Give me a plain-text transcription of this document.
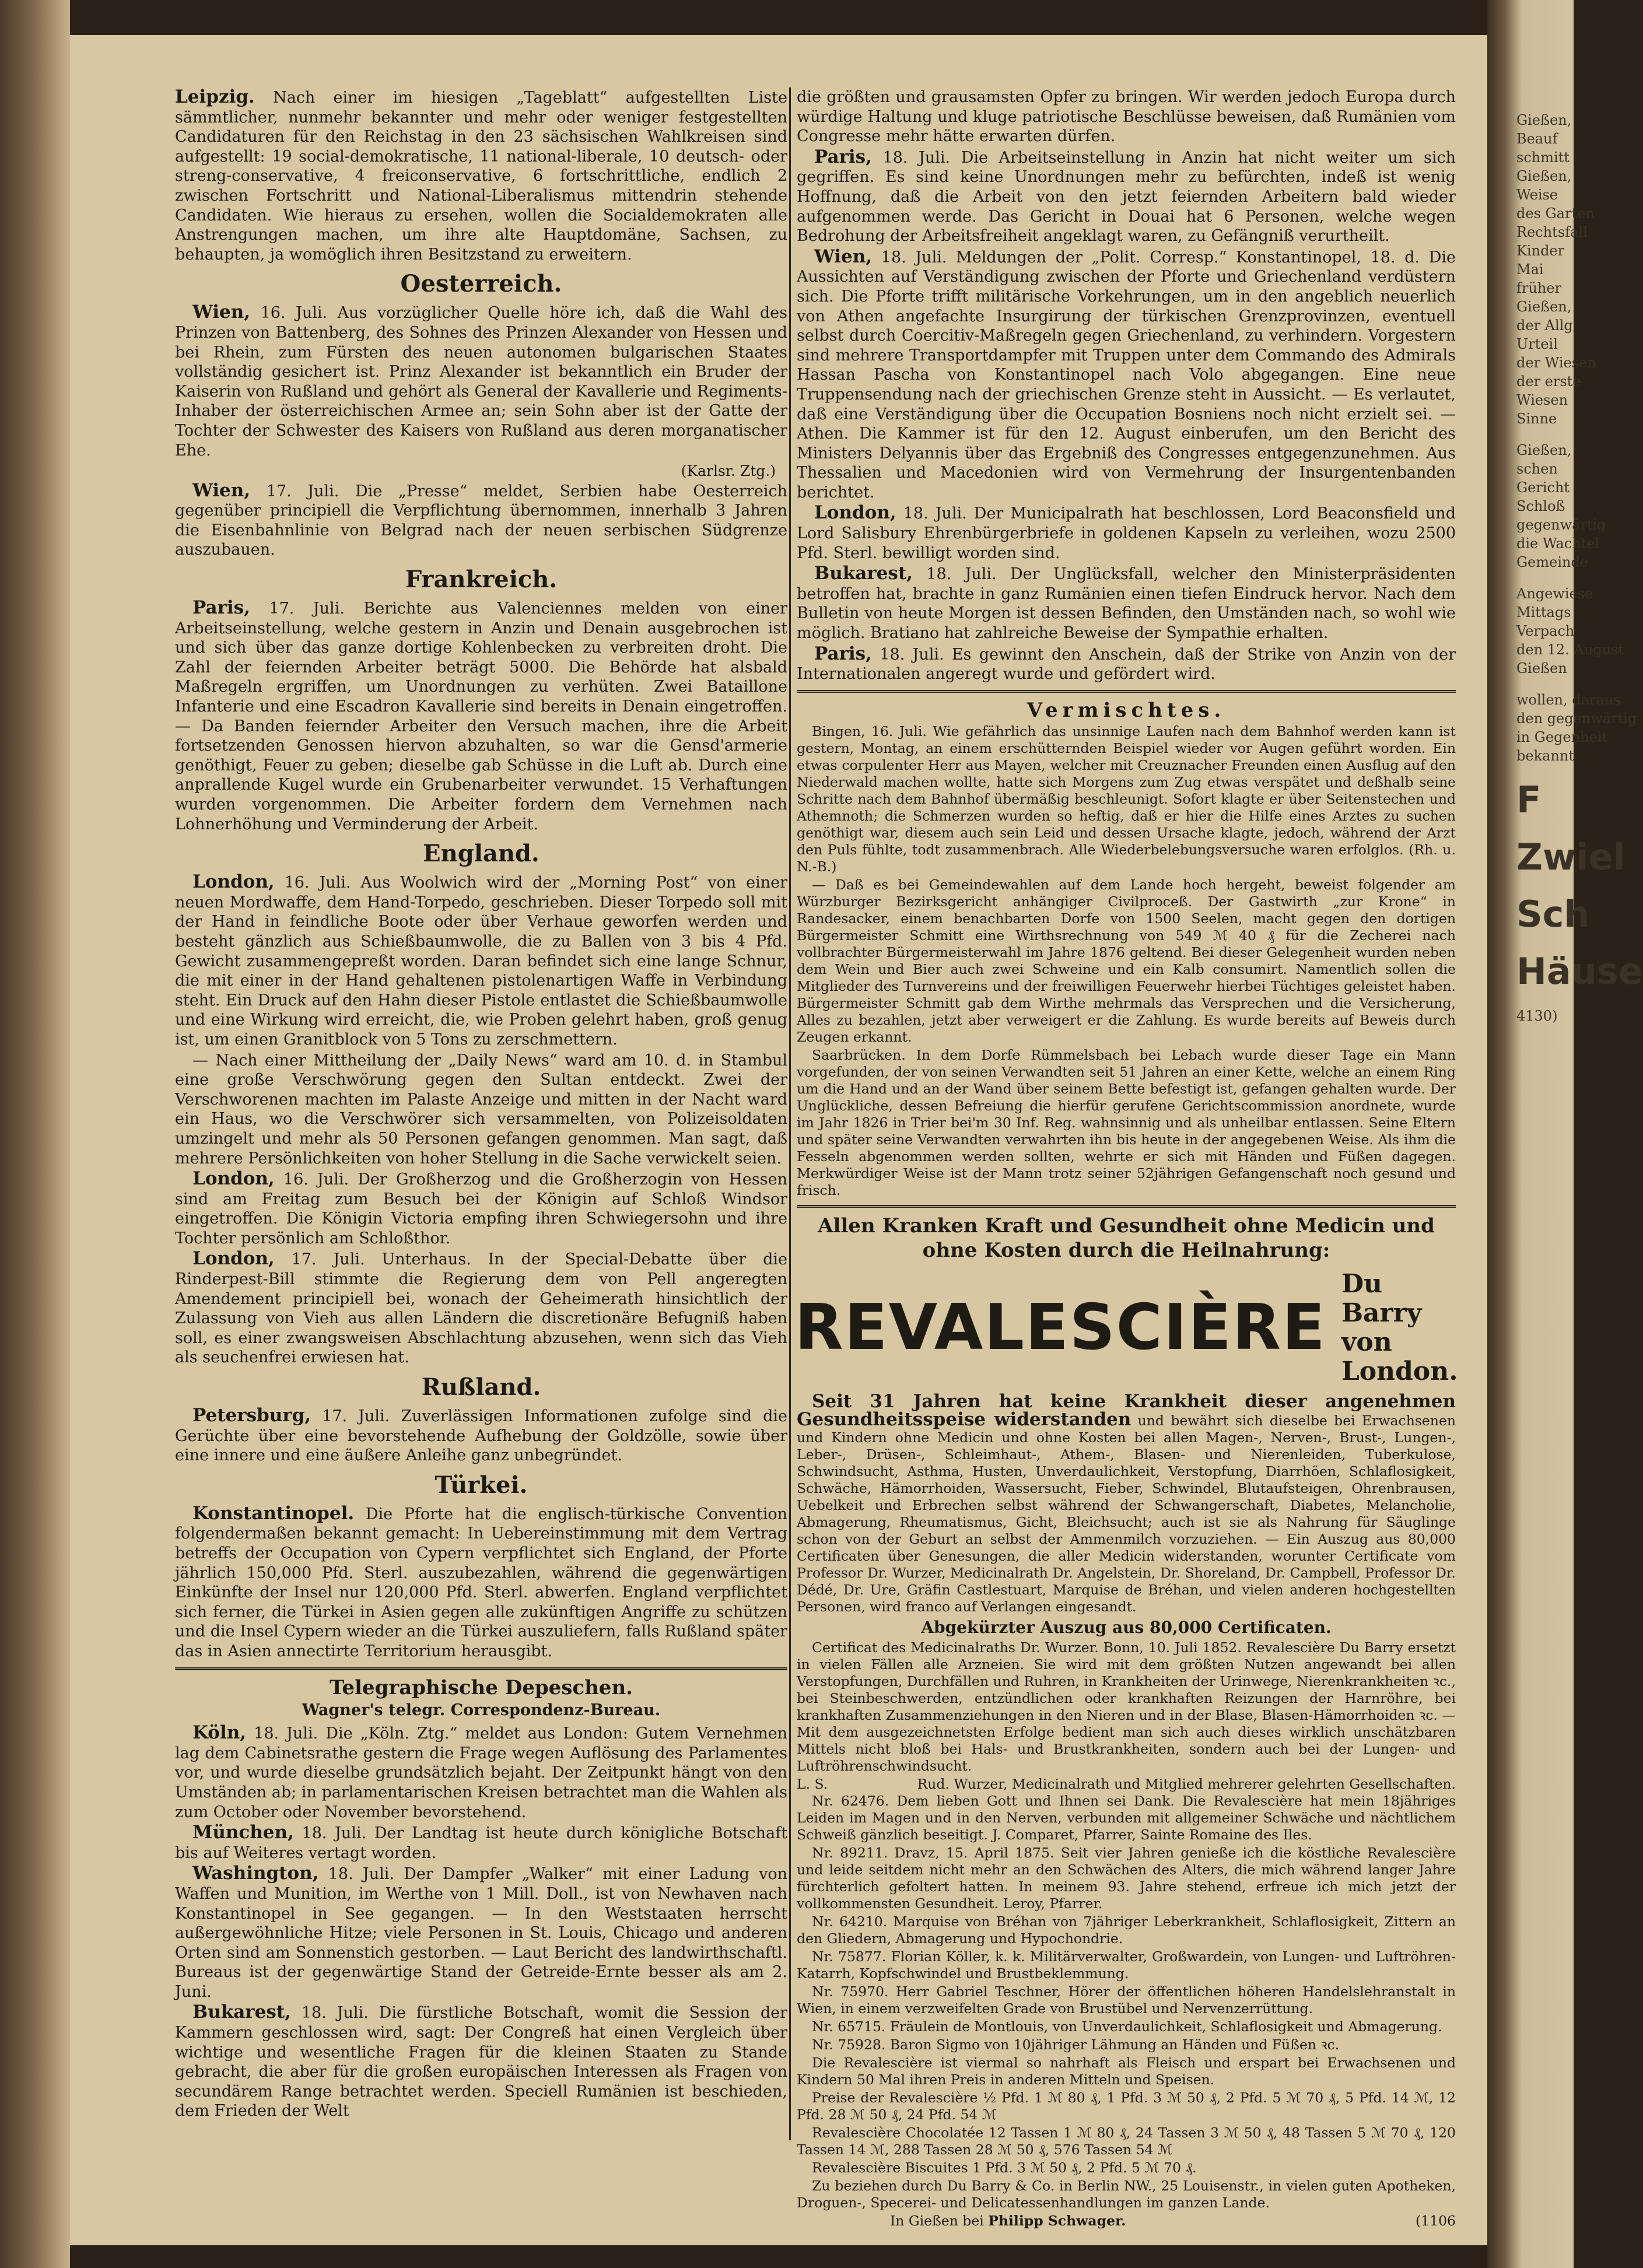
Leipzig. Nach einer im hiesigen „Tageblatt“ aufgestellten Liste sämmtlicher, nunmehr bekannter und mehr oder weniger festgestellten Candidaturen für den Reichstag in den 23 sächsischen Wahlkreisen sind aufgestellt: 19 social-demokratische, 11 national-liberale, 10 deutsch- oder streng-conservative, 4 freiconservative, 6 fortschrittliche, endlich 2 zwischen Fortschritt und National-Liberalismus mittendrin stehende Candidaten. Wie hieraus zu ersehen, wollen die Socialdemokraten alle Anstrengungen machen, um ihre alte Hauptdomäne, Sachsen, zu behaupten, ja womöglich ihren Besitzstand zu erweitern.

Oesterreich.

Wien, 16. Juli. Aus vorzüglicher Quelle höre ich, daß die Wahl des Prinzen von Battenberg, des Sohnes des Prinzen Alexander von Hessen und bei Rhein, zum Fürsten des neuen autonomen bulgarischen Staates vollständig gesichert ist. Prinz Alexander ist bekanntlich ein Bruder der Kaiserin von Rußland und gehört als General der Kavallerie und Regiments-Inhaber der österreichischen Armee an; sein Sohn aber ist der Gatte der Tochter der Schwester des Kaisers von Rußland aus deren morganatischer Ehe.

(Karlsr. Ztg.)

Wien, 17. Juli. Die „Presse“ meldet, Serbien habe Oesterreich gegenüber principiell die Verpflichtung übernommen, innerhalb 3 Jahren die Eisenbahnlinie von Belgrad nach der neuen serbischen Südgrenze auszubauen.

Frankreich.

Paris, 17. Juli. Berichte aus Valenciennes melden von einer Arbeitseinstellung, welche gestern in Anzin und Denain ausgebrochen ist und sich über das ganze dortige Kohlenbecken zu verbreiten droht. Die Zahl der feiernden Arbeiter beträgt 5000. Die Behörde hat alsbald Maßregeln ergriffen, um Unordnungen zu verhüten. Zwei Bataillone Infanterie und eine Escadron Kavallerie sind bereits in Denain eingetroffen. — Da Banden feiernder Arbeiter den Versuch machen, ihre die Arbeit fortsetzenden Genossen hiervon abzuhalten, so war die Gensd'armerie genöthigt, Feuer zu geben; dieselbe gab Schüsse in die Luft ab. Durch eine anprallende Kugel wurde ein Grubenarbeiter verwundet. 15 Verhaftungen wurden vorgenommen. Die Arbeiter fordern dem Vernehmen nach Lohnerhöhung und Verminderung der Arbeit.

England.

London, 16. Juli. Aus Woolwich wird der „Morning Post“ von einer neuen Mordwaffe, dem Hand-Torpedo, geschrieben. Dieser Torpedo soll mit der Hand in feindliche Boote oder über Verhaue geworfen werden und besteht gänzlich aus Schießbaumwolle, die zu Ballen von 3 bis 4 Pfd. Gewicht zusammengepreßt worden. Daran befindet sich eine lange Schnur, die mit einer in der Hand gehaltenen pistolenartigen Waffe in Verbindung steht. Ein Druck auf den Hahn dieser Pistole entlastet die Schießbaumwolle und eine Wirkung wird erreicht, die, wie Proben gelehrt haben, groß genug ist, um einen Granitblock von 5 Tons zu zerschmettern.

— Nach einer Mittheilung der „Daily News“ ward am 10. d. in Stambul eine große Verschwörung gegen den Sultan entdeckt. Zwei der Verschworenen machten im Palaste Anzeige und mitten in der Nacht ward ein Haus, wo die Verschwörer sich versammelten, von Polizeisoldaten umzingelt und mehr als 50 Personen gefangen genommen. Man sagt, daß mehrere Persönlichkeiten von hoher Stellung in die Sache verwickelt seien.

London, 16. Juli. Der Großherzog und die Großherzogin von Hessen sind am Freitag zum Besuch bei der Königin auf Schloß Windsor eingetroffen. Die Königin Victoria empfing ihren Schwiegersohn und ihre Tochter persönlich am Schloßthor.

London, 17. Juli. Unterhaus. In der Special-Debatte über die Rinderpest-Bill stimmte die Regierung dem von Pell angeregten Amendement principiell bei, wonach der Geheimerath hinsichtlich der Zulassung von Vieh aus allen Ländern die discretionäre Befugniß haben soll, es einer zwangsweisen Abschlachtung abzusehen, wenn sich das Vieh als seuchenfrei erwiesen hat.

Rußland.

Petersburg, 17. Juli. Zuverlässigen Informationen zufolge sind die Gerüchte über eine bevorstehende Aufhebung der Goldzölle, sowie über eine innere und eine äußere Anleihe ganz unbegründet.

Türkei.

Konstantinopel. Die Pforte hat die englisch-türkische Convention folgendermaßen bekannt gemacht: In Uebereinstimmung mit dem Vertrag betreffs der Occupation von Cypern verpflichtet sich England, der Pforte jährlich 150,000 Pfd. Sterl. auszubezahlen, während die gegenwärtigen Einkünfte der Insel nur 120,000 Pfd. Sterl. abwerfen. England verpflichtet sich ferner, die Türkei in Asien gegen alle zukünftigen Angriffe zu schützen und die Insel Cypern wieder an die Türkei auszuliefern, falls Rußland später das in Asien annectirte Territorium herausgibt.

Telegraphische Depeschen.
Wagner's telegr. Correspondenz-Bureau.

Köln, 18. Juli. Die „Köln. Ztg.“ meldet aus London: Gutem Vernehmen lag dem Cabinetsrathe gestern die Frage wegen Auflösung des Parlamentes vor, und wurde dieselbe grundsätzlich bejaht. Der Zeitpunkt hängt von den Umständen ab; in parlamentarischen Kreisen betrachtet man die Wahlen als zum October oder November bevorstehend.

München, 18. Juli. Der Landtag ist heute durch königliche Botschaft bis auf Weiteres vertagt worden.

Washington, 18. Juli. Der Dampfer „Walker“ mit einer Ladung von Waffen und Munition, im Werthe von 1 Mill. Doll., ist von Newhaven nach Konstantinopel in See gegangen. — In den Weststaaten herrscht außergewöhnliche Hitze; viele Personen in St. Louis, Chicago und anderen Orten sind am Sonnenstich gestorben. — Laut Bericht des landwirthschaftl. Bureaus ist der gegenwärtige Stand der Getreide-Ernte besser als am 2. Juni.

Bukarest, 18. Juli. Die fürstliche Botschaft, womit die Session der Kammern geschlossen wird, sagt: Der Congreß hat einen Vergleich über wichtige und wesentliche Fragen für die kleinen Staaten zu Stande gebracht, die aber für die großen europäischen Interessen als Fragen von secundärem Range betrachtet werden. Speciell Rumänien ist beschieden, dem Frieden der Welt

die größten und grausamsten Opfer zu bringen. Wir werden jedoch Europa durch würdige Haltung und kluge patriotische Beschlüsse beweisen, daß Rumänien vom Congresse mehr hätte erwarten dürfen.

Paris, 18. Juli. Die Arbeitseinstellung in Anzin hat nicht weiter um sich gegriffen. Es sind keine Unordnungen mehr zu befürchten, indeß ist wenig Hoffnung, daß die Arbeit von den jetzt feiernden Arbeitern bald wieder aufgenommen werde. Das Gericht in Douai hat 6 Personen, welche wegen Bedrohung der Arbeitsfreiheit angeklagt waren, zu Gefängniß verurtheilt.

Wien, 18. Juli. Meldungen der „Polit. Corresp.“ Konstantinopel, 18. d. Die Aussichten auf Verständigung zwischen der Pforte und Griechenland verdüstern sich. Die Pforte trifft militärische Vorkehrungen, um in den angeblich neuerlich von Athen angefachte Insurgirung der türkischen Grenzprovinzen, eventuell selbst durch Coercitiv-Maßregeln gegen Griechenland, zu verhindern. Vorgestern sind mehrere Transportdampfer mit Truppen unter dem Commando des Admirals Hassan Pascha von Konstantinopel nach Volo abgegangen. Eine neue Truppensendung nach der griechischen Grenze steht in Aussicht. — Es verlautet, daß eine Verständigung über die Occupation Bosniens noch nicht erzielt sei. — Athen. Die Kammer ist für den 12. August einberufen, um den Bericht des Ministers Delyannis über das Ergebniß des Congresses entgegenzunehmen. Aus Thessalien und Macedonien wird von Vermehrung der Insurgentenbanden berichtet.

London, 18. Juli. Der Municipalrath hat beschlossen, Lord Beaconsfield und Lord Salisbury Ehrenbürgerbriefe in goldenen Kapseln zu verleihen, wozu 2500 Pfd. Sterl. bewilligt worden sind.

Bukarest, 18. Juli. Der Unglücksfall, welcher den Ministerpräsidenten betroffen hat, brachte in ganz Rumänien einen tiefen Eindruck hervor. Nach dem Bulletin von heute Morgen ist dessen Befinden, den Umständen nach, so wohl wie möglich. Bratiano hat zahlreiche Beweise der Sympathie erhalten.

Paris, 18. Juli. Es gewinnt den Anschein, daß der Strike von Anzin von der Internationalen angeregt wurde und gefördert wird.

Vermischtes.

Bingen, 16. Juli. Wie gefährlich das unsinnige Laufen nach dem Bahnhof werden kann ist gestern, Montag, an einem erschütternden Beispiel wieder vor Augen geführt worden. Ein etwas corpulenter Herr aus Mayen, welcher mit Creuznacher Freunden einen Ausflug auf den Niederwald machen wollte, hatte sich Morgens zum Zug etwas verspätet und deßhalb seine Schritte nach dem Bahnhof übermäßig beschleunigt. Sofort klagte er über Seitenstechen und Athemnoth; die Schmerzen wurden so heftig, daß er hier die Hilfe eines Arztes zu suchen genöthigt war, diesem auch sein Leid und dessen Ursache klagte, jedoch, während der Arzt den Puls fühlte, todt zusammenbrach. Alle Wiederbelebungsversuche waren erfolglos. (Rh. u. N.-B.)

— Daß es bei Gemeindewahlen auf dem Lande hoch hergeht, beweist folgender am Würzburger Bezirksgericht anhängiger Civilproceß. Der Gastwirth „zur Krone“ in Randesacker, einem benachbarten Dorfe von 1500 Seelen, macht gegen den dortigen Bürgermeister Schmitt eine Wirthsrechnung von 549 ℳ 40 ₰ für die Zecherei nach vollbrachter Bürgermeisterwahl im Jahre 1876 geltend. Bei dieser Gelegenheit wurden neben dem Wein und Bier auch zwei Schweine und ein Kalb consumirt. Namentlich sollen die Mitglieder des Turnvereins und der freiwilligen Feuerwehr hierbei Tüchtiges geleistet haben. Bürgermeister Schmitt gab dem Wirthe mehrmals das Versprechen und die Versicherung, Alles zu bezahlen, jetzt aber verweigert er die Zahlung. Es wurde bereits auf Beweis durch Zeugen erkannt.

Saarbrücken. In dem Dorfe Rümmelsbach bei Lebach wurde dieser Tage ein Mann vorgefunden, der von seinen Verwandten seit 51 Jahren an einer Kette, welche an einem Ring um die Hand und an der Wand über seinem Bette befestigt ist, gefangen gehalten wurde. Der Unglückliche, dessen Befreiung die hierfür gerufene Gerichtscommission anordnete, wurde im Jahr 1826 in Trier bei'm 30 Inf. Reg. wahnsinnig und als unheilbar entlassen. Seine Eltern und später seine Verwandten verwahrten ihn bis heute in der angegebenen Weise. Als ihm die Fesseln abgenommen werden sollten, wehrte er sich mit Händen und Füßen dagegen. Merkwürdiger Weise ist der Mann trotz seiner 52jährigen Gefangenschaft noch gesund und frisch.

Allen Kranken Kraft und Gesundheit ohne Medicin und ohne Kosten durch die Heilnahrung:
REVALESCIÈRE
Du Barry von London.

Seit 31 Jahren hat keine Krankheit dieser angenehmen Gesundheitsspeise widerstanden und bewährt sich dieselbe bei Erwachsenen und Kindern ohne Medicin und ohne Kosten bei allen Magen-, Nerven-, Brust-, Lungen-, Leber-, Drüsen-, Schleimhaut-, Athem-, Blasen- und Nierenleiden, Tuberkulose, Schwindsucht, Asthma, Husten, Unverdaulichkeit, Verstopfung, Diarrhöen, Schlaflosigkeit, Schwäche, Hämorrhoiden, Wassersucht, Fieber, Schwindel, Blutaufsteigen, Ohrenbrausen, Uebelkeit und Erbrechen selbst während der Schwangerschaft, Diabetes, Melancholie, Abmagerung, Rheumatismus, Gicht, Bleichsucht; auch ist sie als Nahrung für Säuglinge schon von der Geburt an selbst der Ammenmilch vorzuziehen. — Ein Auszug aus 80,000 Certificaten über Genesungen, die aller Medicin widerstanden, worunter Certificate vom Professor Dr. Wurzer, Medicinalrath Dr. Angelstein, Dr. Shoreland, Dr. Campbell, Professor Dr. Dédé, Dr. Ure, Gräfin Castlestuart, Marquise de Bréhan, und vielen anderen hochgestellten Personen, wird franco auf Verlangen eingesandt.

Abgekürzter Auszug aus 80,000 Certificaten.

Certificat des Medicinalraths Dr. Wurzer. Bonn, 10. Juli 1852. Revalescière Du Barry ersetzt in vielen Fällen alle Arzneien. Sie wird mit dem größten Nutzen angewandt bei allen Verstopfungen, Durchfällen und Ruhren, in Krankheiten der Urinwege, Nierenkrankheiten ꝛc., bei Steinbeschwerden, entzündlichen oder krankhaften Reizungen der Harnröhre, bei krankhaften Zusammenziehungen in den Nieren und in der Blase, Blasen-Hämorrhoiden ꝛc. — Mit dem ausgezeichnetsten Erfolge bedient man sich auch dieses wirklich unschätzbaren Mittels nicht bloß bei Hals- und Brustkrankheiten, sondern auch bei der Lungen- und Luftröhrenschwindsucht.

L. S.	Rud. Wurzer, Medicinalrath und Mitglied mehrerer gelehrten Gesellschaften.

Nr. 62476. Dem lieben Gott und Ihnen sei Dank. Die Revalescière hat mein 18jähriges Leiden im Magen und in den Nerven, verbunden mit allgemeiner Schwäche und nächtlichem Schweiß gänzlich beseitigt. J. Comparet, Pfarrer, Sainte Romaine des Iles.

Nr. 89211. Dravz, 15. April 1875. Seit vier Jahren genieße ich die köstliche Revalescière und leide seitdem nicht mehr an den Schwächen des Alters, die mich während langer Jahre fürchterlich gefoltert hatten. In meinem 93. Jahre stehend, erfreue ich mich jetzt der vollkommensten Gesundheit. Leroy, Pfarrer.

Nr. 64210. Marquise von Bréhan von 7jähriger Leberkrankheit, Schlaflosigkeit, Zittern an den Gliedern, Abmagerung und Hypochondrie.

Nr. 75877. Florian Köller, k. k. Militärverwalter, Großwardein, von Lungen- und Luftröhren-Katarrh, Kopfschwindel und Brustbeklemmung.

Nr. 75970. Herr Gabriel Teschner, Hörer der öffentlichen höheren Handelslehranstalt in Wien, in einem verzweifelten Grade von Brustübel und Nervenzerrüttung.

Nr. 65715. Fräulein de Montlouis, von Unverdaulichkeit, Schlaflosigkeit und Abmagerung.

Nr. 75928. Baron Sigmo von 10jähriger Lähmung an Händen und Füßen ꝛc.

Die Revalescière ist viermal so nahrhaft als Fleisch und erspart bei Erwachsenen und Kindern 50 Mal ihren Preis in anderen Mitteln und Speisen.

Preise der Revalescière ½ Pfd. 1 ℳ 80 ₰, 1 Pfd. 3 ℳ 50 ₰, 2 Pfd. 5 ℳ 70 ₰, 5 Pfd. 14 ℳ, 12 Pfd. 28 ℳ 50 ₰, 24 Pfd. 54 ℳ

Revalescière Chocolatée 12 Tassen 1 ℳ 80 ₰, 24 Tassen 3 ℳ 50 ₰, 48 Tassen 5 ℳ 70 ₰, 120 Tassen 14 ℳ, 288 Tassen 28 ℳ 50 ₰, 576 Tassen 54 ℳ

Revalescière Biscuites 1 Pfd. 3 ℳ 50 ₰, 2 Pfd. 5 ℳ 70 ₰.

Zu beziehen durch Du Barry & Co. in Berlin NW., 25 Louisenstr., in vielen guten Apotheken, Droguen-, Specerei- und Delicatessenhandlungen im ganzen Lande.

In Gießen bei Philipp Schwager.	(1106
Gießen,
Beauf
schmitt
Gießen,
Weise
des Garten
Rechtsfall
Kinder
Mai
früher
Gießen,
der Allg
Urteil
der Wiesen
der erste
Wiesen
Sinne
Gießen,
schen
Gericht
Schloß
gegenwärtig
die Wachtel
Gemeinde
Angewiese
Mittags
Verpach
den 12. August
Gießen
wollen, daraus
den gegenwärtig
in Gegenheit
bekannt
F
Zwiel
Sch
Häuse
4130)
